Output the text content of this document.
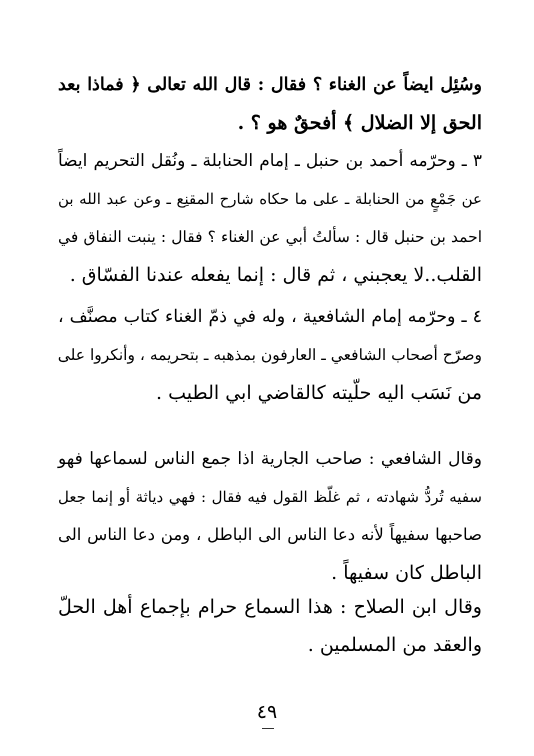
وسُئِل ايضاً عن الغناء ؟ فقال : قال الله تعالى ﴿ فماذا بعد
الحق إلا الضلال ﴾ أفحقٌ هو ؟ .
٣ ـ وحرّمه أحمد بن حنبل ـ إمام الحنابلة ـ ونُقل التحريم ايضاً
عن جَمْعٍ من الحنابلة ـ على ما حكاه شارح المقنِع ـ وعن عبد الله بن
احمد بن حنبل قال : سألتُ أبي عن الغناء ؟ فقال : ينبت النفاق في
القلب..لا يعجبني ، ثم قال : إنما يفعله عندنا الفسّاق .
٤ ـ وحرّمه إمام الشافعية ، وله في ذمّ الغناء كتاب مصنَّف ،
وصرّح أصحاب الشافعي ـ العارفون بمذهبه ـ بتحريمه ، وأنكروا على
من نَسَب اليه حلّيته كالقاضي ابي الطيب .
وقال الشافعي : صاحب الجارية اذا جمع الناس لسماعها فهو
سفيه تُردُّ شهادته ، ثم غلّظ القول فيه فقال : فهي دياثة أو إنما جعل
صاحبها سفيهاً لأنه دعا الناس الى الباطل ، ومن دعا الناس الى
الباطل كان سفيهاً .
وقال ابن الصلاح : هذا السماع حرام بإجماع أهل الحلّ
والعقد من المسلمين .
٤٩
